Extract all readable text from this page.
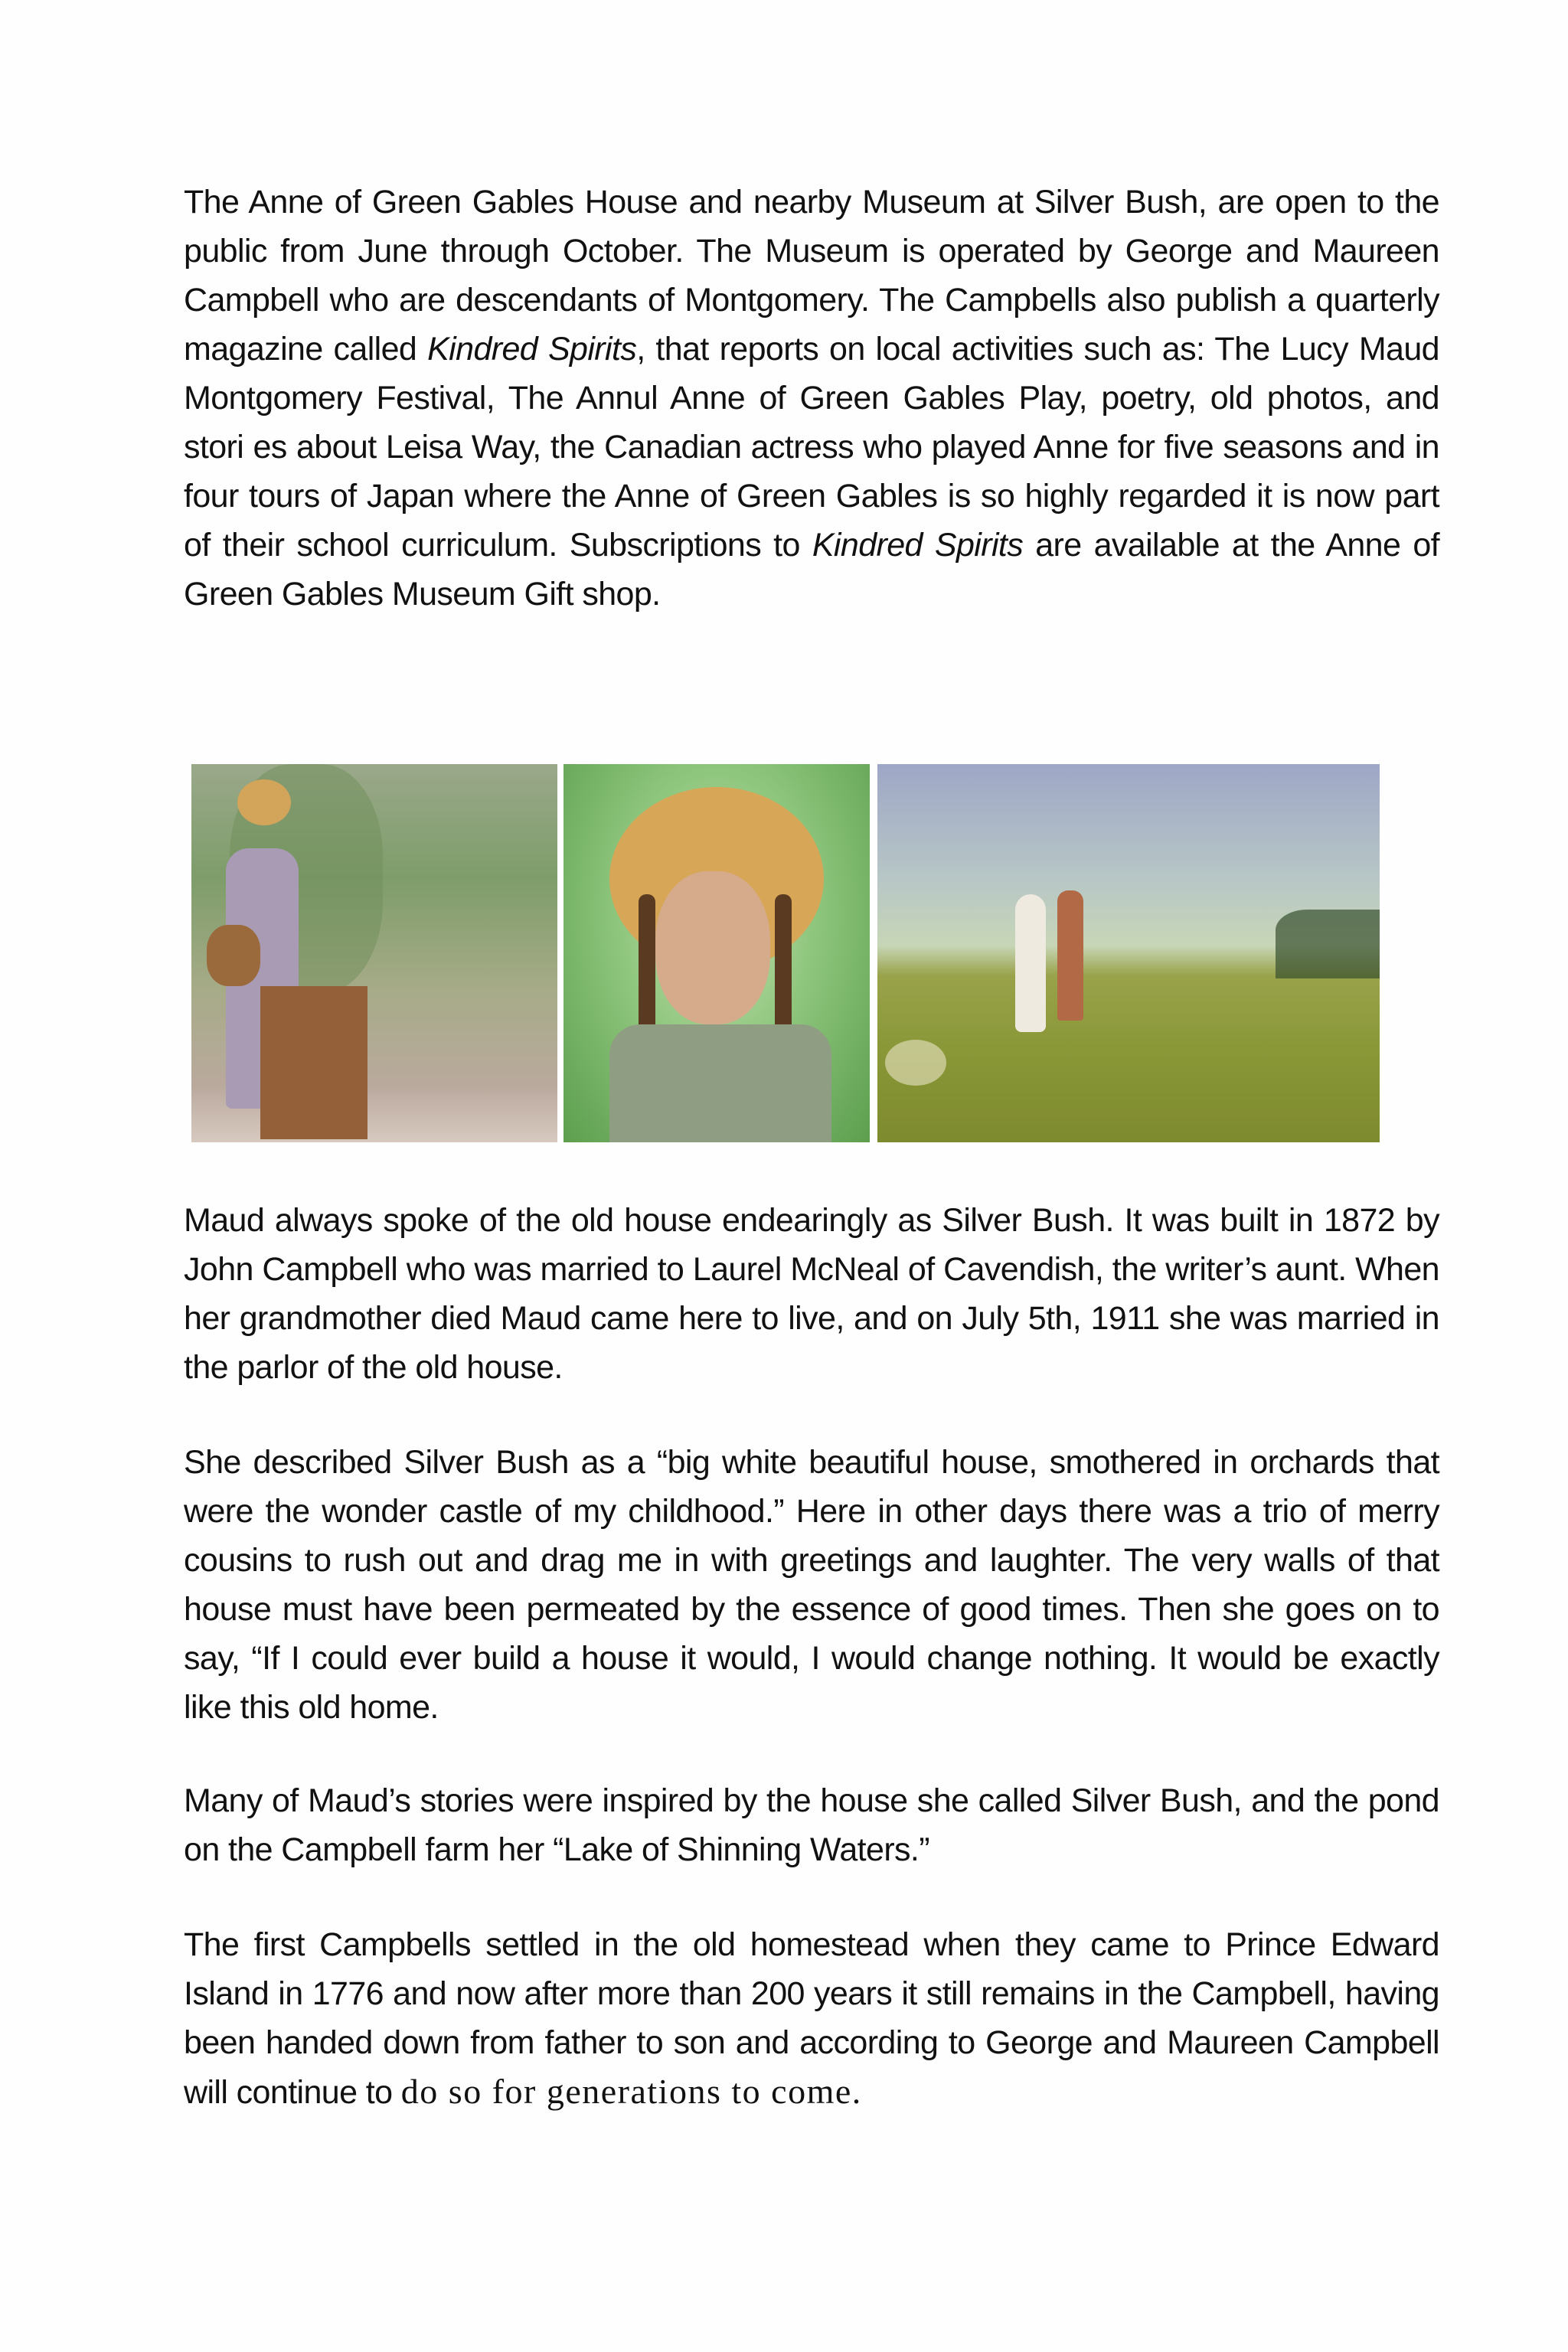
The Anne of Green Gables House and nearby Museum at Silver Bush, are open to the public from June through October. The Museum is operated by George and Maureen Campbell who are descendants of Montgomery. The Campbells also publish a quarterly magazine called Kindred Spirits, that reports on local activities such as: The Lucy Maud Montgomery Festival, The Annul Anne of Green Gables Play, poetry, old photos, and stori es about Leisa Way, the Canadian actress who played Anne for five seasons and in four tours of Japan where the Anne of Green Gables is so highly regarded it is now part of their school curriculum. Subscriptions to Kindred Spirits are available at the Anne of Green Gables Museum Gift shop.

Maud always spoke of the old house endearingly as Silver Bush. It was built in 1872 by John Campbell who was married to Laurel McNeal of Cavendish, the writer’s aunt. When her grandmother died Maud came here to live, and on July 5th, 1911 she was married in the parlor of the old house.

She described Silver Bush as a “big white beautiful house, smothered in orchards that were the wonder castle of my childhood.” Here in other days there was a trio of merry cousins to rush out and drag me in with greetings and laughter. The very walls of that house must have been permeated by the essence of good times. Then she goes on to say, “If I could ever build a house it would, I would change nothing. It would be exactly like this old home.

Many of Maud’s stories were inspired by the house she called Silver Bush, and the pond on the Campbell farm her “Lake of Shinning Waters.”

The first Campbells settled in the old homestead when they came to Prince Edward Island in 1776 and now after more than 200 years it still remains in the Campbell, having been handed down from father to son and according to George and Maureen Campbell will continue to do so for generations to come.
